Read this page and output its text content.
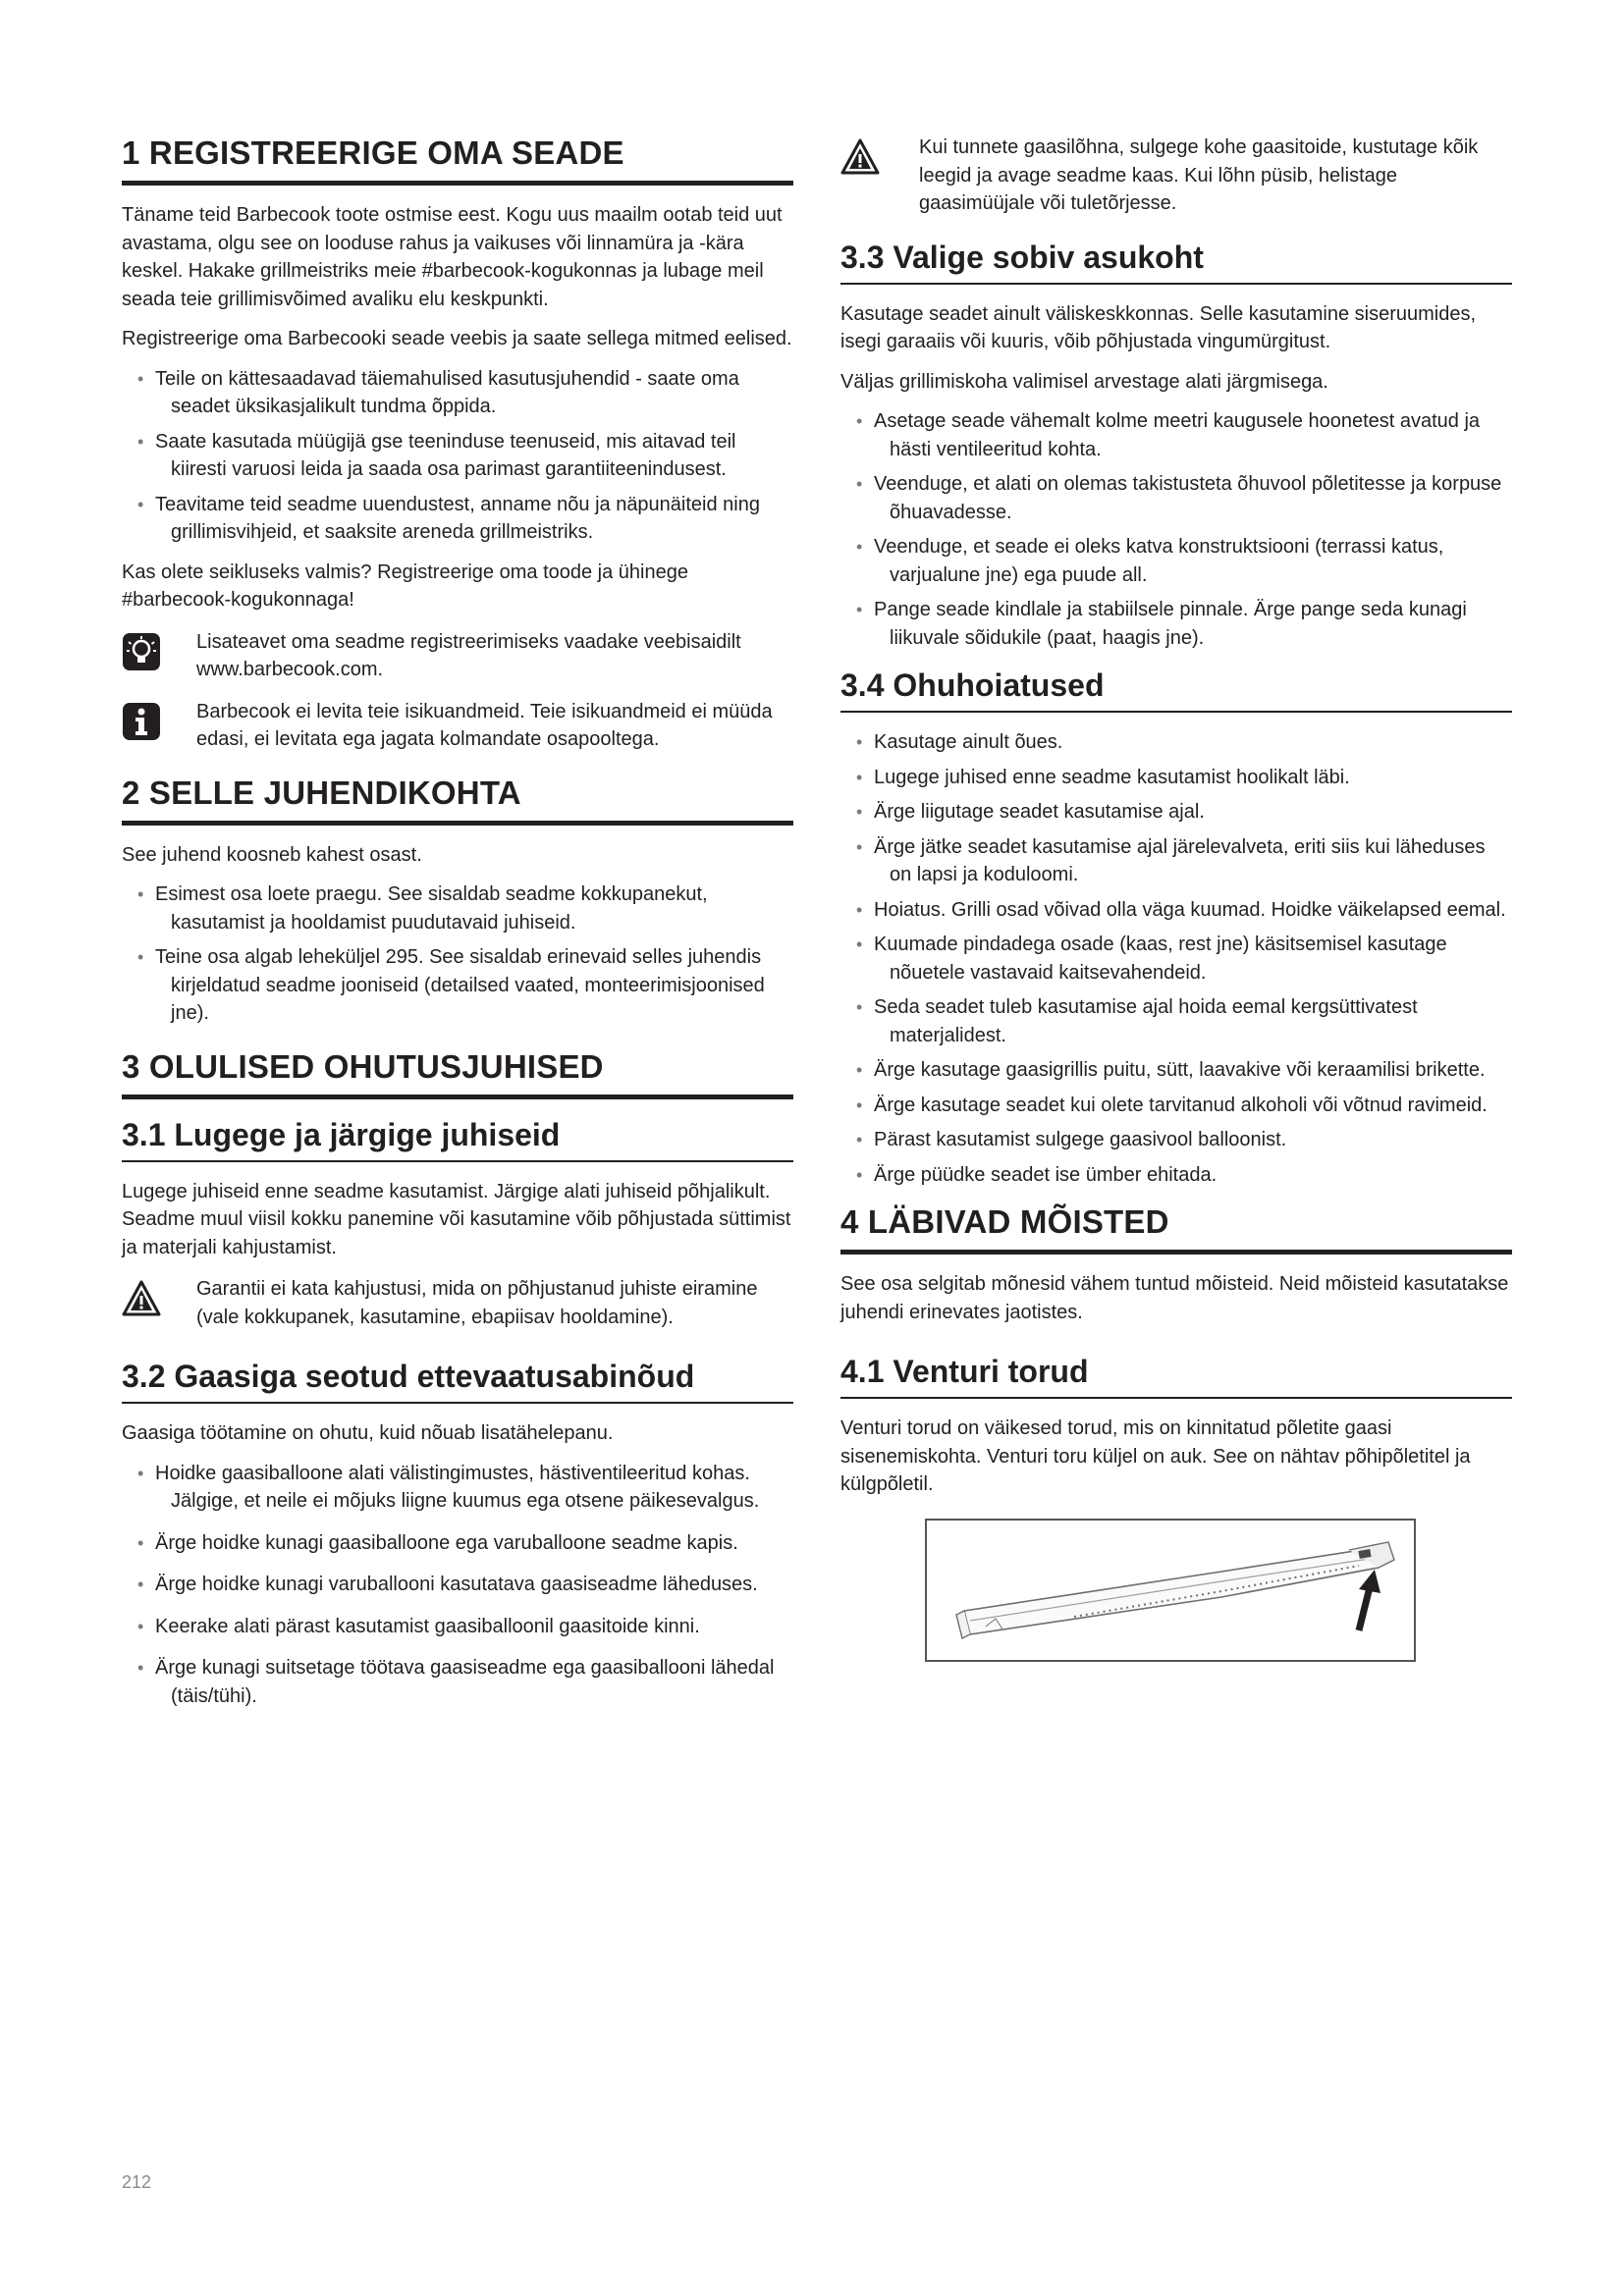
1 REGISTREERIGE OMA SEADE

Täname teid Barbecook toote ostmise eest. Kogu uus maailm ootab teid uut avastama, olgu see on looduse rahus ja vaikuses või linnamüra ja -kära keskel. Hakake grillmeistriks meie #barbecook-kogukonnas ja lubage meil seada teie grillimisvõimed avaliku elu keskpunkti.

Registreerige oma Barbecooki seade veebis ja saate sellega mitmed eelised.

• Teile on kättesaadavad täiemahulised kasutusjuhendid - saate oma seadet üksikasjalikult tundma õppida.
• Saate kasutada müügijä gse teeninduse teenuseid, mis aitavad teil kiiresti varuosi leida ja saada osa parimast garantiiteenindusest.
• Teavitame teid seadme uuendustest, anname nõu ja näpunäiteid ning grillimisvihjeid, et saaksite areneda grillmeistriks.

Kas olete seikluseks valmis? Registreerige oma toode ja ühinege #barbecook-kogukonnaga!

Lisateavet oma seadme registreerimiseks vaadake veebisaidilt www.barbecook.com.
Barbecook ei levita teie isikuandmeid. Teie isikuandmeid ei müüda edasi, ei levitata ega jagata kolmandate osapooltega.
2 SELLE JUHENDIKOHTA

See juhend koosneb kahest osast.

• Esimest osa loete praegu. See sisaldab seadme kokkupanekut, kasutamist ja hooldamist puudutavaid juhiseid.
• Teine osa algab leheküljel 295. See sisaldab erinevaid selles juhendis kirjeldatud seadme jooniseid (detailsed vaated, monteerimisjoonised jne).
3 OLULISED OHUTUSJUHISED
3.1 Lugege ja järgige juhiseid

Lugege juhiseid enne seadme kasutamist. Järgige alati juhiseid põhjalikult. Seadme muul viisil kokku panemine või kasutamine võib põhjustada süttimist ja materjali kahjustamist.

Garantii ei kata kahjustusi, mida on põhjustanud juhiste eiramine (vale kokkupanek, kasutamine, ebapiisav hooldamine).
3.2 Gaasiga seotud ettevaatusabinõud

Gaasiga töötamine on ohutu, kuid nõuab lisatähelepanu.

• Hoidke gaasiballoone alati välistingimustes, hästiventileeritud kohas. Jälgige, et neile ei mõjuks liigne kuumus ega otsene päikesevalgus.
• Ärge hoidke kunagi gaasiballoone ega varuballoone seadme kapis.
• Ärge hoidke kunagi varuballooni kasutatava gaasiseadme läheduses.
• Keerake alati pärast kasutamist gaasiballoonil gaasitoide kinni.
• Ärge kunagi suitsetage töötava gaasiseadme ega gaasiballooni lähedal (täis/tühi).
Kui tunnete gaasilõhna, sulgege kohe gaasitoide, kustutage kõik leegid ja avage seadme kaas. Kui lõhn püsib, helistage gaasimüüjale või tuletõrjesse.
3.3 Valige sobiv asukoht

Kasutage seadet ainult väliskeskkonnas. Selle kasutamine siseruumides, isegi garaaiis või kuuris, võib põhjustada vingumürgitust.

Väljas grillimiskoha valimisel arvestage alati järgmisega.

• Asetage seade vähemalt kolme meetri kaugusele hoonetest avatud ja hästi ventileeritud kohta.
• Veenduge, et alati on olemas takistusteta õhuvool põletitesse ja korpuse õhuavadesse.
• Veenduge, et seade ei oleks katva konstruktsiooni (terrassi katus, varjualune jne) ega puude all.
• Pange seade kindlale ja stabiilsele pinnale. Ärge pange seda kunagi liikuvale sõidukile (paat, haagis jne).
3.4 Ohuhoiatused
• Kasutage ainult õues.
• Lugege juhised enne seadme kasutamist hoolikalt läbi.
• Ärge liigutage seadet kasutamise ajal.
• Ärge jätke seadet kasutamise ajal järelevalveta, eriti siis kui läheduses on lapsi ja koduloomi.
• Hoiatus. Grilli osad võivad olla väga kuumad. Hoidke väikelapsed eemal.
• Kuumade pindadega osade (kaas, rest jne) käsitsemisel kasutage nõuetele vastavaid kaitsevahendeid.
• Seda seadet tuleb kasutamise ajal hoida eemal kergsüttivatest materjalidest.
• Ärge kasutage gaasigrillis puitu, sütt, laavakive või keraamilisi brikette.
• Ärge kasutage seadet kui olete tarvitanud alkoholi või võtnud ravimeid.
• Pärast kasutamist sulgege gaasivool balloonist.
• Ärge püüdke seadet ise ümber ehitada.
4 LÄBIVAD MÕISTED

See osa selgitab mõnesid vähem tuntud mõisteid. Neid mõisteid kasutatakse juhendi erinevates jaotistes.

4.1 Venturi torud

Venturi torud on väikesed torud, mis on kinnitatud põletite gaasi sisenemiskohta. Venturi toru küljel on auk. See on nähtav põhipõletitel ja külgpõletil.

212
